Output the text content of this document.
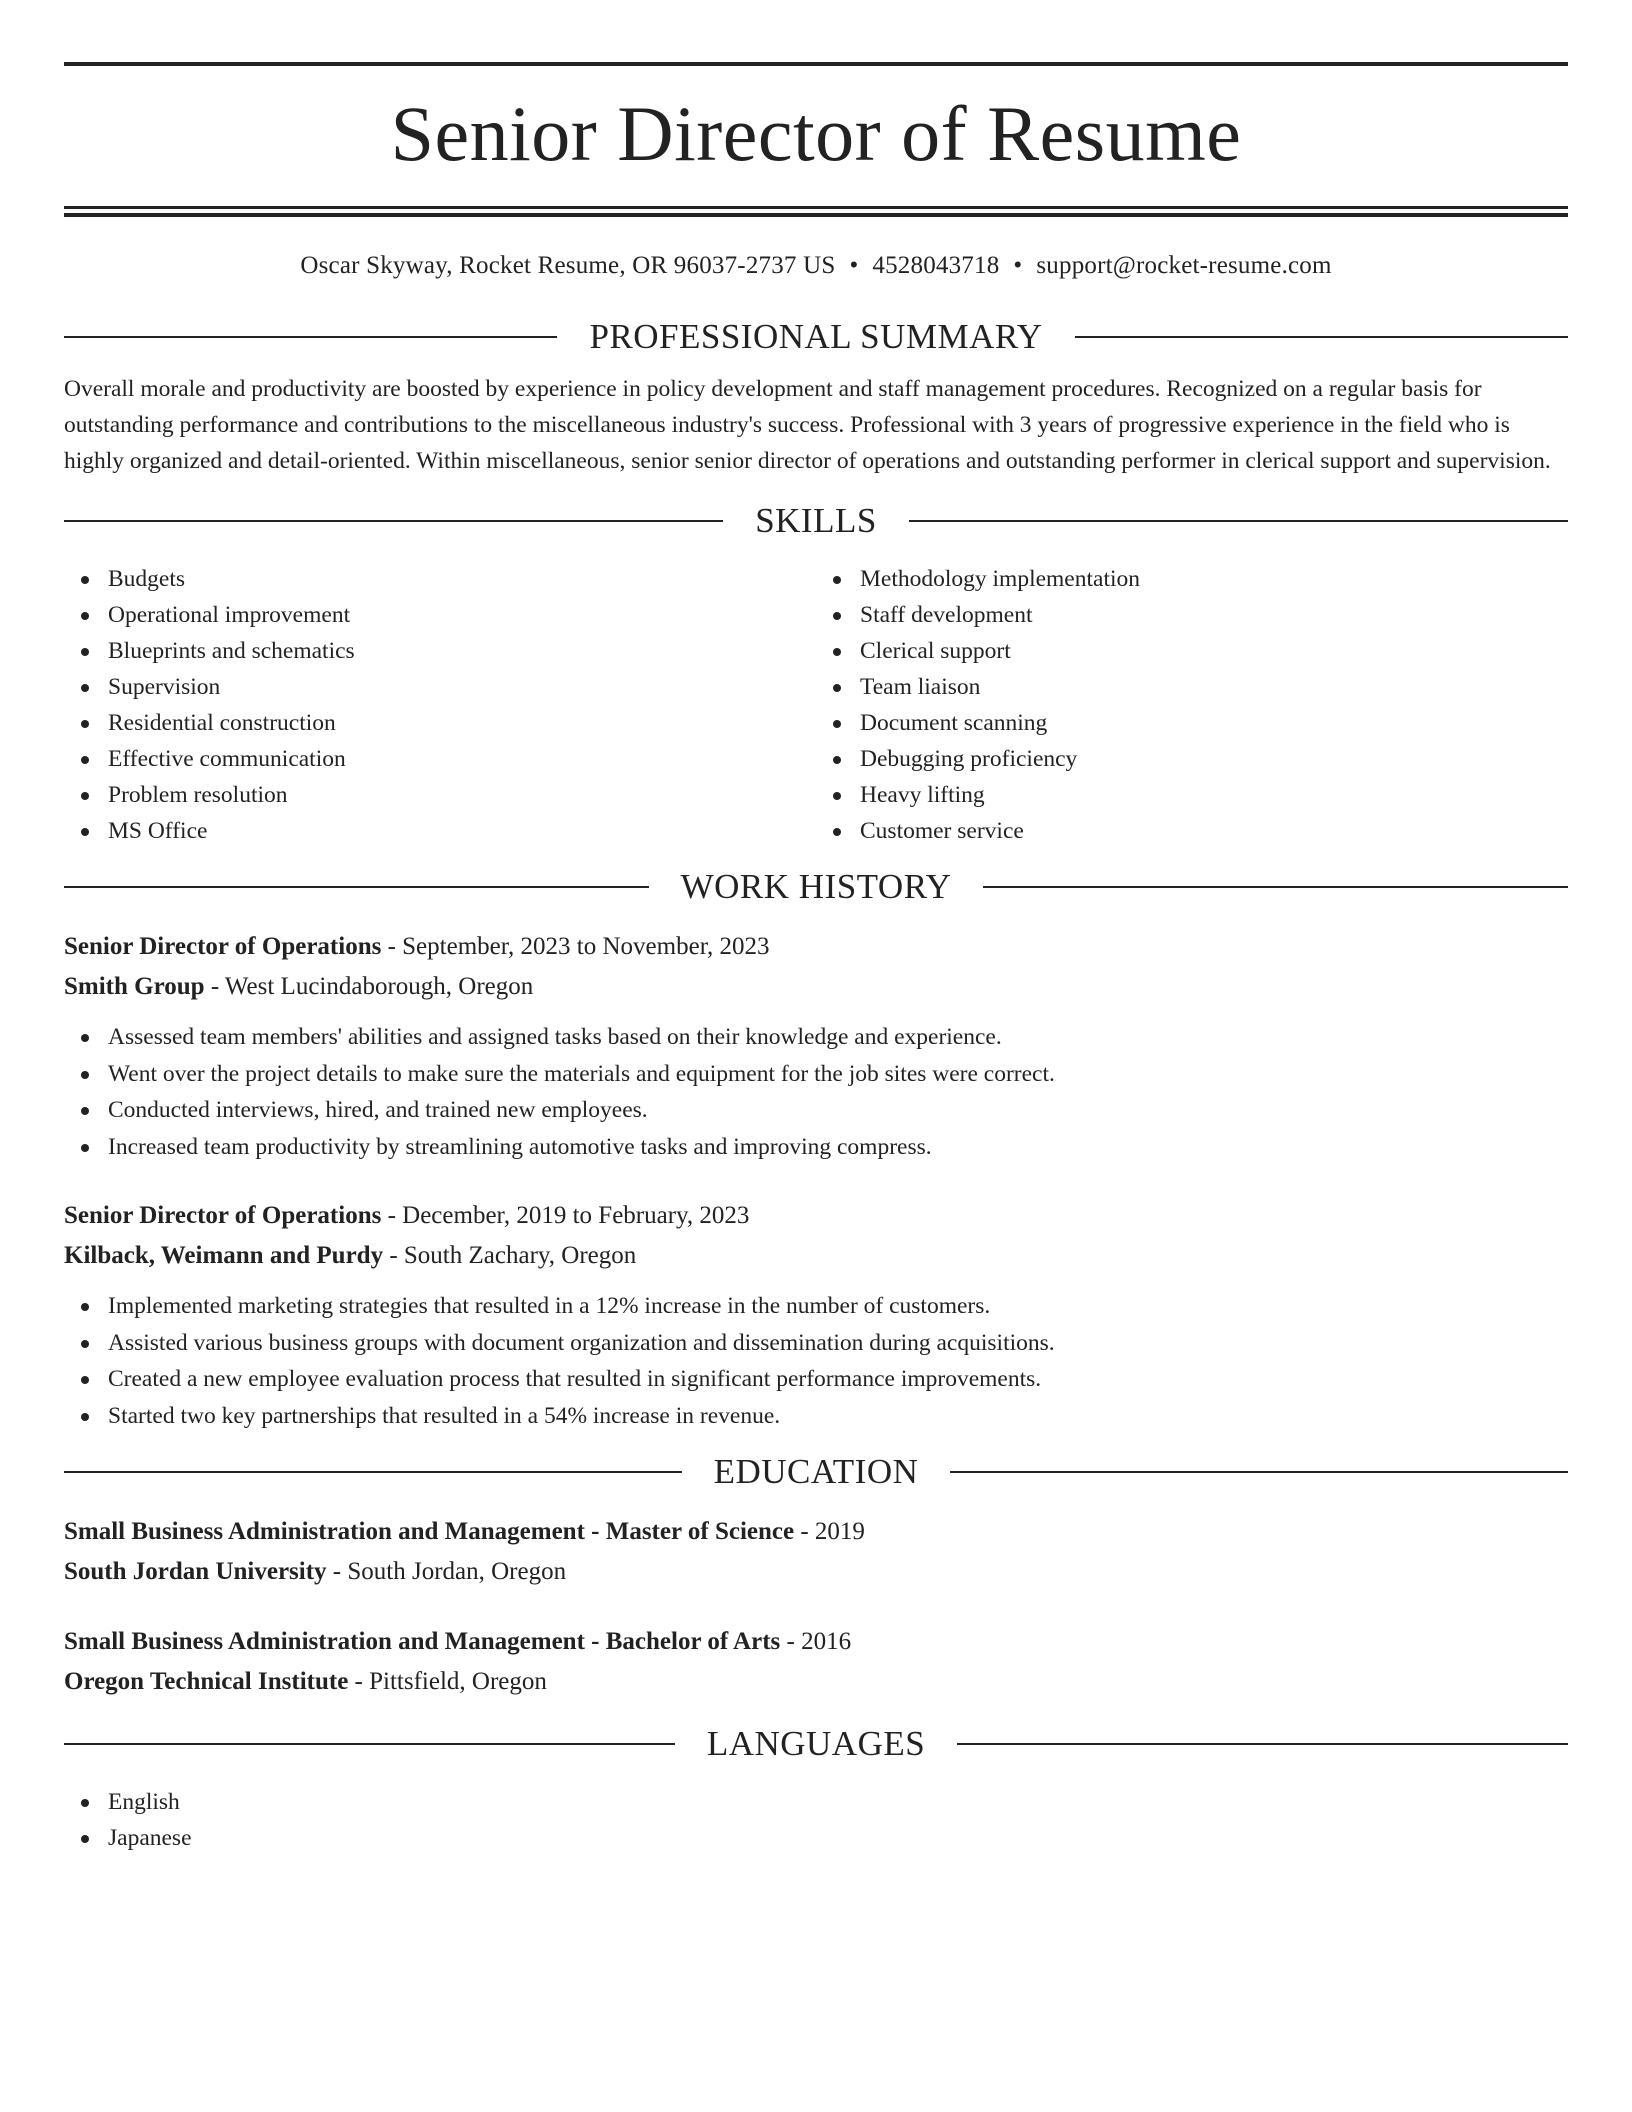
Senior Director of Resume
Oscar Skyway, Rocket Resume, OR 96037-2737 US • 4528043718 • support@rocket-resume.com
PROFESSIONAL SUMMARY
Overall morale and productivity are boosted by experience in policy development and staff management procedures. Recognized on a regular basis for outstanding performance and contributions to the miscellaneous industry's success. Professional with 3 years of progressive experience in the field who is highly organized and detail-oriented. Within miscellaneous, senior senior director of operations and outstanding performer in clerical support and supervision.
SKILLS
Budgets
Operational improvement
Blueprints and schematics
Supervision
Residential construction
Effective communication
Problem resolution
MS Office
Methodology implementation
Staff development
Clerical support
Team liaison
Document scanning
Debugging proficiency
Heavy lifting
Customer service
WORK HISTORY
Senior Director of Operations - September, 2023 to November, 2023
Smith Group - West Lucindaborough, Oregon
Assessed team members' abilities and assigned tasks based on their knowledge and experience.
Went over the project details to make sure the materials and equipment for the job sites were correct.
Conducted interviews, hired, and trained new employees.
Increased team productivity by streamlining automotive tasks and improving compress.
Senior Director of Operations - December, 2019 to February, 2023
Kilback, Weimann and Purdy - South Zachary, Oregon
Implemented marketing strategies that resulted in a 12% increase in the number of customers.
Assisted various business groups with document organization and dissemination during acquisitions.
Created a new employee evaluation process that resulted in significant performance improvements.
Started two key partnerships that resulted in a 54% increase in revenue.
EDUCATION
Small Business Administration and Management - Master of Science - 2019
South Jordan University - South Jordan, Oregon
Small Business Administration and Management - Bachelor of Arts - 2016
Oregon Technical Institute - Pittsfield, Oregon
LANGUAGES
English
Japanese
